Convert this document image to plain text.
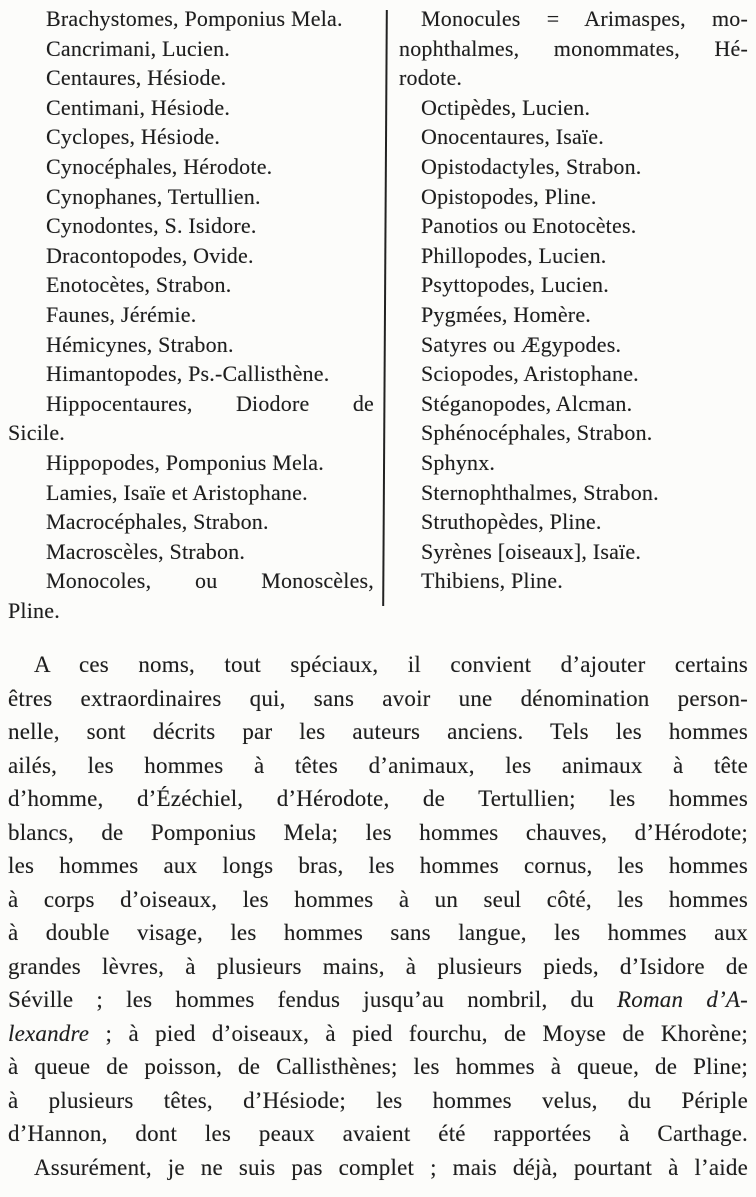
Brachystomes, Pomponius Mela.
Cancrimani, Lucien.
Centaures, Hésiode.
Centimani, Hésiode.
Cyclopes, Hésiode.
Cynocéphales, Hérodote.
Cynophanes, Tertullien.
Cynodontes, S. Isidore.
Dracontopodes, Ovide.
Enotocètes, Strabon.
Faunes, Jérémie.
Hémicynes, Strabon.
Himantopodes, Ps.-Callisthène.
Hippocentaures, Diodore de
Sicile.
Hippopodes, Pomponius Mela.
Lamies, Isaïe et Aristophane.
Macrocéphales, Strabon.
Macroscèles, Strabon.
Monocoles, ou Monoscèles,
Pline.
Monocules = Arimaspes, mo-
nophthalmes, monommates, Hé-
rodote.
Octipèdes, Lucien.
Onocentaures, Isaïe.
Opistodactyles, Strabon.
Opistopodes, Pline.
Panotios ou Enotocètes.
Phillopodes, Lucien.
Psyttopodes, Lucien.
Pygmées, Homère.
Satyres ou Ægypodes.
Sciopodes, Aristophane.
Stéganopodes, Alcman.
Sphénocéphales, Strabon.
Sphynx.
Sternophthalmes, Strabon.
Struthopèdes, Pline.
Syrènes [oiseaux], Isaïe.
Thibiens, Pline.
A ces noms, tout spéciaux, il convient d’ajouter certains
êtres extraordinaires qui, sans avoir une dénomination person-
nelle, sont décrits par les auteurs anciens. Tels les hommes
ailés, les hommes à têtes d’animaux, les animaux à tête
d’homme, d’Ézéchiel, d’Hérodote, de Tertullien; les hommes
blancs, de Pomponius Mela; les hommes chauves, d’Hérodote;
les hommes aux longs bras, les hommes cornus, les hommes
à corps d’oiseaux, les hommes à un seul côté, les hommes
à double visage, les hommes sans langue, les hommes aux
grandes lèvres, à plusieurs mains, à plusieurs pieds, d’Isidore de
Séville ; les hommes fendus jusqu’au nombril, du Roman d’A-
lexandre ; à pied d’oiseaux, à pied fourchu, de Moyse de Khorène;
à queue de poisson, de Callisthènes; les hommes à queue, de Pline;
à plusieurs têtes, d’Hésiode; les hommes velus, du Périple
d’Hannon, dont les peaux avaient été rapportées à Carthage.
Assurément, je ne suis pas complet ; mais déjà, pourtant à l’aide
